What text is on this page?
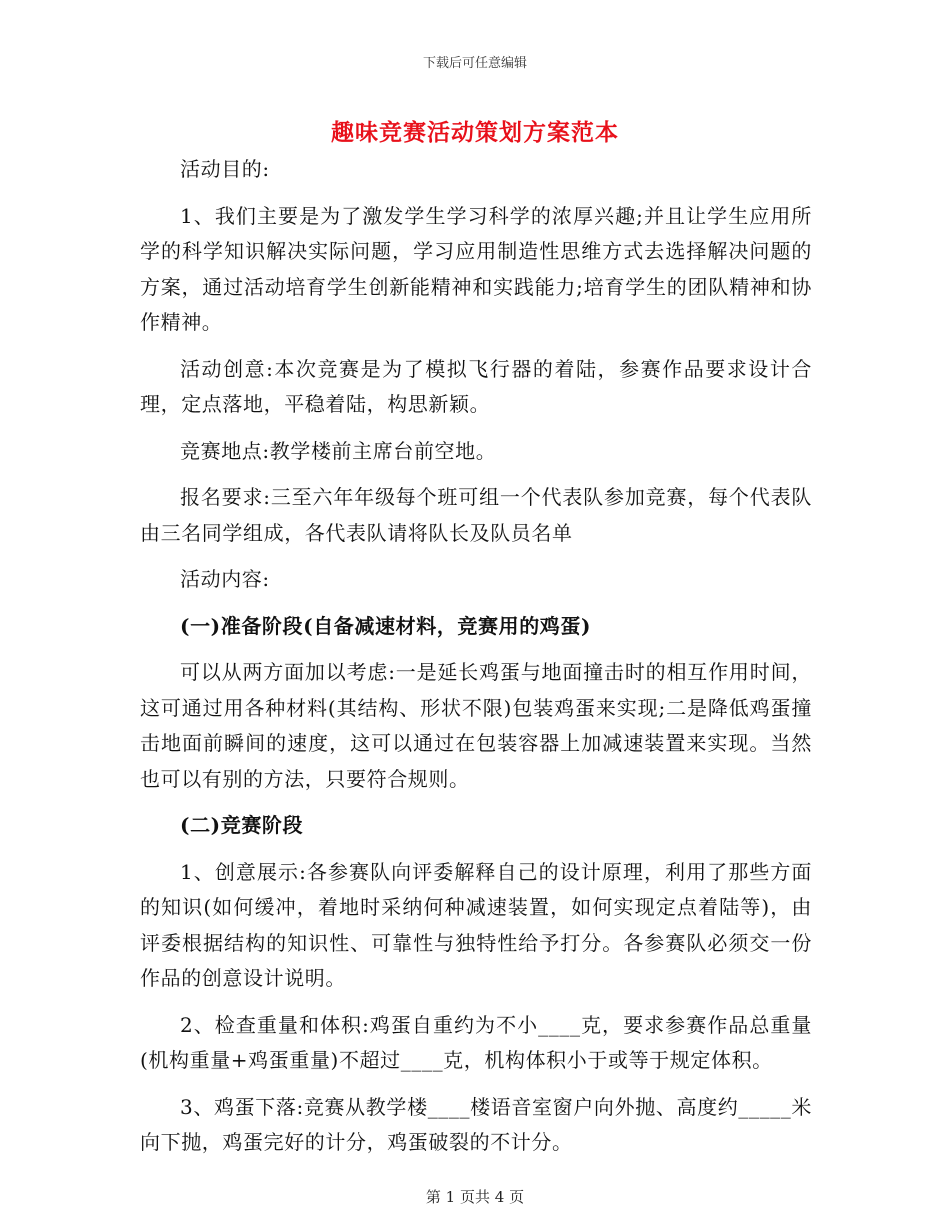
下载后可任意编辑
趣味竞赛活动策划方案范本

活动目的:

1、我们主要是为了激发学生学习科学的浓厚兴趣;并且让学生应用所学的科学知识解决实际问题，学习应用制造性思维方式去选择解决问题的方案，通过活动培育学生创新能精神和实践能力;培育学生的团队精神和协作精神。

活动创意:本次竞赛是为了模拟飞行器的着陆，参赛作品要求设计合理，定点落地，平稳着陆，构思新颖。

竞赛地点:教学楼前主席台前空地。

报名要求:三至六年年级每个班可组一个代表队参加竞赛，每个代表队由三名同学组成，各代表队请将队长及队员名单

活动内容:

(一)准备阶段(自备减速材料，竞赛用的鸡蛋)

可以从两方面加以考虑:一是延长鸡蛋与地面撞击时的相互作用时间，这可通过用各种材料(其结构、形状不限)包装鸡蛋来实现;二是降低鸡蛋撞击地面前瞬间的速度，这可以通过在包装容器上加减速装置来实现。当然也可以有别的方法，只要符合规则。

(二)竞赛阶段

1、创意展示:各参赛队向评委解释自己的设计原理，利用了那些方面的知识(如何缓冲，着地时采纳何种减速装置，如何实现定点着陆等)，由评委根据结构的知识性、可靠性与独特性给予打分。各参赛队必须交一份作品的创意设计说明。

2、检查重量和体积:鸡蛋自重约为不小____克，要求参赛作品总重量(机构重量+鸡蛋重量)不超过____克，机构体积小于或等于规定体积。

3、鸡蛋下落:竞赛从教学楼____楼语音室窗户向外抛、高度约_____米向下抛，鸡蛋完好的计分，鸡蛋破裂的不计分。

第 1 页共 4 页
